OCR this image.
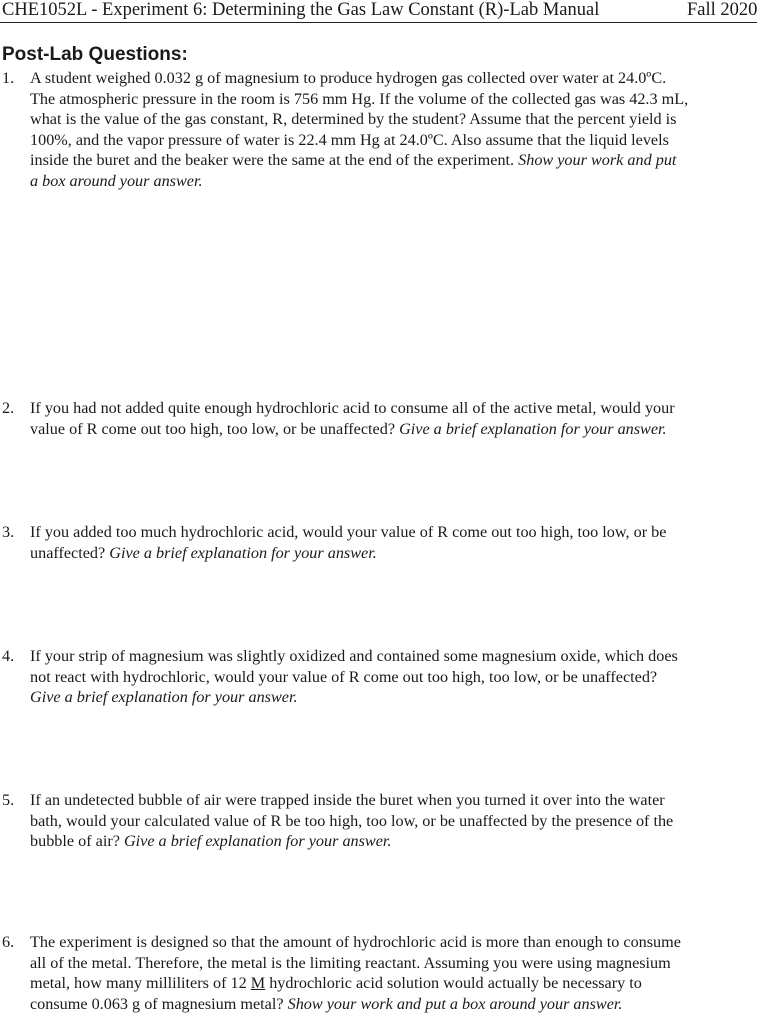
CHE1052L - Experiment 6: Determining the Gas Law Constant (R)-Lab Manual	Fall 2020
Post-Lab Questions:
1. A student weighed 0.032 g of magnesium to produce hydrogen gas collected over water at 24.0ºC.
The atmospheric pressure in the room is 756 mm Hg. If the volume of the collected gas was 42.3 mL,
what is the value of the gas constant, R, determined by the student? Assume that the percent yield is
100%, and the vapor pressure of water is 22.4 mm Hg at 24.0ºC. Also assume that the liquid levels
inside the buret and the beaker were the same at the end of the experiment. Show your work and put
a box around your answer.
2. If you had not added quite enough hydrochloric acid to consume all of the active metal, would your
value of R come out too high, too low, or be unaffected? Give a brief explanation for your answer.
3. If you added too much hydrochloric acid, would your value of R come out too high, too low, or be
unaffected? Give a brief explanation for your answer.
4. If your strip of magnesium was slightly oxidized and contained some magnesium oxide, which does
not react with hydrochloric, would your value of R come out too high, too low, or be unaffected?
Give a brief explanation for your answer.
5. If an undetected bubble of air were trapped inside the buret when you turned it over into the water
bath, would your calculated value of R be too high, too low, or be unaffected by the presence of the
bubble of air? Give a brief explanation for your answer.
6. The experiment is designed so that the amount of hydrochloric acid is more than enough to consume
all of the metal. Therefore, the metal is the limiting reactant. Assuming you were using magnesium
metal, how many milliliters of 12 M hydrochloric acid solution would actually be necessary to
consume 0.063 g of magnesium metal? Show your work and put a box around your answer.
